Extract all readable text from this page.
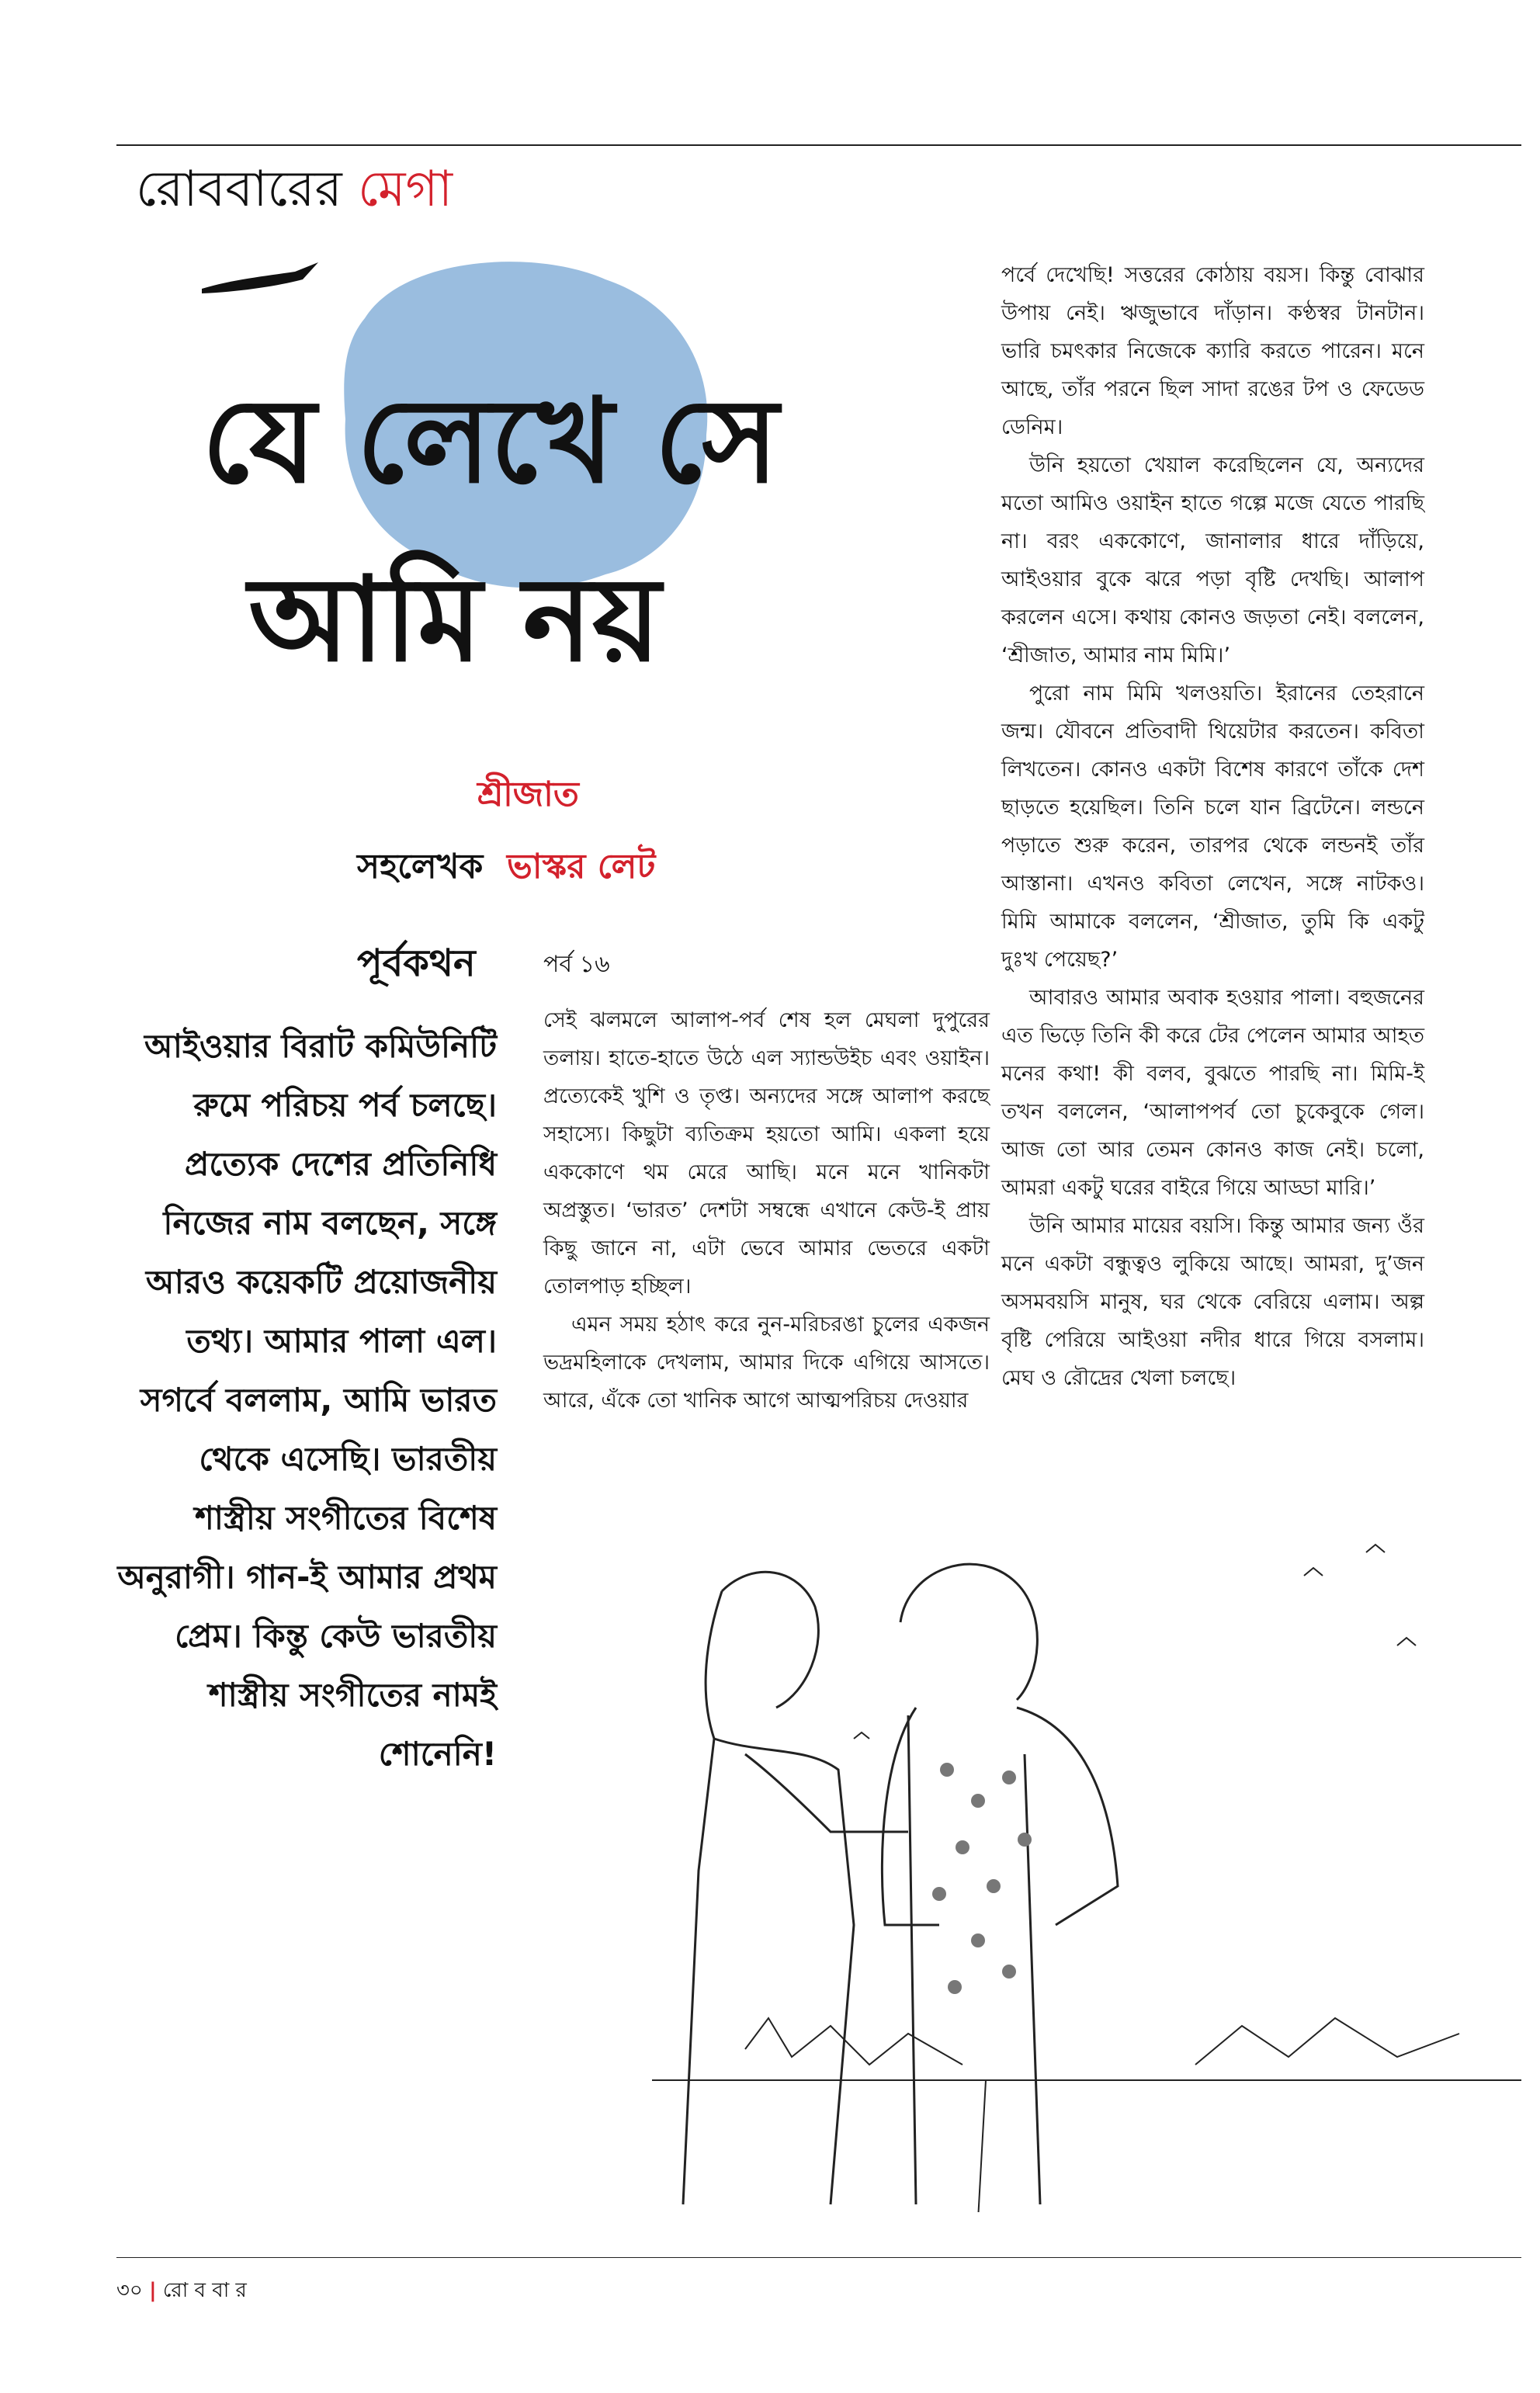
রোববারের মেগা
যে লেখে সে
আমি নয়
শ্রীজাত
সহলেখক ভাস্কর লেট
পূর্বকথন	পর্ব ১৬
আইওয়ার বিরাট কমিউনিটি রুমে পরিচয় পর্ব চলছে। প্রত্যেক দেশের প্রতিনিধি নিজের নাম বলছেন, সঙ্গে আরও কয়েকটি প্রয়োজনীয় তথ্য। আমার পালা এল। সগর্বে বললাম, আমি ভারত থেকে এসেছি। ভারতীয় শাস্ত্রীয় সংগীতের বিশেষ অনুরাগী। গান-ই আমার প্রথম প্রেম। কিন্তু কেউ ভারতীয় শাস্ত্রীয় সংগীতের নামই শোনেনি!

সেই ঝলমলে আলাপ-পর্ব শেষ হল মেঘলা দুপুরের তলায়। হাতে-হাতে উঠে এল স্যান্ডউইচ এবং ওয়াইন। প্রত্যেকেই খুশি ও তৃপ্ত। অন্যদের সঙ্গে আলাপ করছে সহাস্যে। কিছুটা ব্যতিক্রম হয়তো আমি। একলা হয়ে এককোণে থম মেরে আছি। মনে মনে খানিকটা অপ্রস্তুত। ‘ভারত’ দেশটা সম্বন্ধে এখানে কেউ-ই প্রায় কিছু জানে না, এটা ভেবে আমার ভেতরে একটা তোলপাড় হচ্ছিল।

এমন সময় হঠাৎ করে নুন-মরিচরঙা চুলের একজন ভদ্রমহিলাকে দেখলাম, আমার দিকে এগিয়ে আসতে। আরে, এঁকে তো খানিক আগে আত্মপরিচয় দেওয়ার

পর্বে দেখেছি! সত্তরের কোঠায় বয়স। কিন্তু বোঝার উপায় নেই। ঋজুভাবে দাঁড়ান। কণ্ঠস্বর টানটান। ভারি চমৎকার নিজেকে ক্যারি করতে পারেন। মনে আছে, তাঁর পরনে ছিল সাদা রঙের টপ ও ফেডেড ডেনিম।

উনি হয়তো খেয়াল করেছিলেন যে, অন্যদের মতো আমিও ওয়াইন হাতে গল্পে মজে যেতে পারছি না। বরং এককোণে, জানালার ধারে দাঁড়িয়ে, আইওয়ার বুকে ঝরে পড়া বৃষ্টি দেখছি। আলাপ করলেন এসে। কথায় কোনও জড়তা নেই। বললেন, ‘শ্রীজাত, আমার নাম মিমি।’

পুরো নাম মিমি খলওয়তি। ইরানের তেহরানে জন্ম। যৌবনে প্রতিবাদী থিয়েটার করতেন। কবিতা লিখতেন। কোনও একটা বিশেষ কারণে তাঁকে দেশ ছাড়তে হয়েছিল। তিনি চলে যান ব্রিটেনে। লন্ডনে পড়াতে শুরু করেন, তারপর থেকে লন্ডনই তাঁর আস্তানা। এখনও কবিতা লেখেন, সঙ্গে নাটকও। মিমি আমাকে বললেন, ‘শ্রীজাত, তুমি কি একটু দুঃখ পেয়েছ?’

আবারও আমার অবাক হওয়ার পালা। বহুজনের এত ভিড়ে তিনি কী করে টের পেলেন আমার আহত মনের কথা! কী বলব, বুঝতে পারছি না। মিমি-ই তখন বললেন, ‘আলাপপর্ব তো চুকেবুকে গেল। আজ তো আর তেমন কোনও কাজ নেই। চলো, আমরা একটু ঘরের বাইরে গিয়ে আড্ডা মারি।’

উনি আমার মায়ের বয়সি। কিন্তু আমার জন্য ওঁর মনে একটা বন্ধুত্বও লুকিয়ে আছে। আমরা, দু’জন অসমবয়সি মানুষ, ঘর থেকে বেরিয়ে এলাম। অল্প বৃষ্টি পেরিয়ে আইওয়া নদীর ধারে গিয়ে বসলাম। মেঘ ও রৌদ্রের খেলা চলছে।

৩০ | রো ব বা র
